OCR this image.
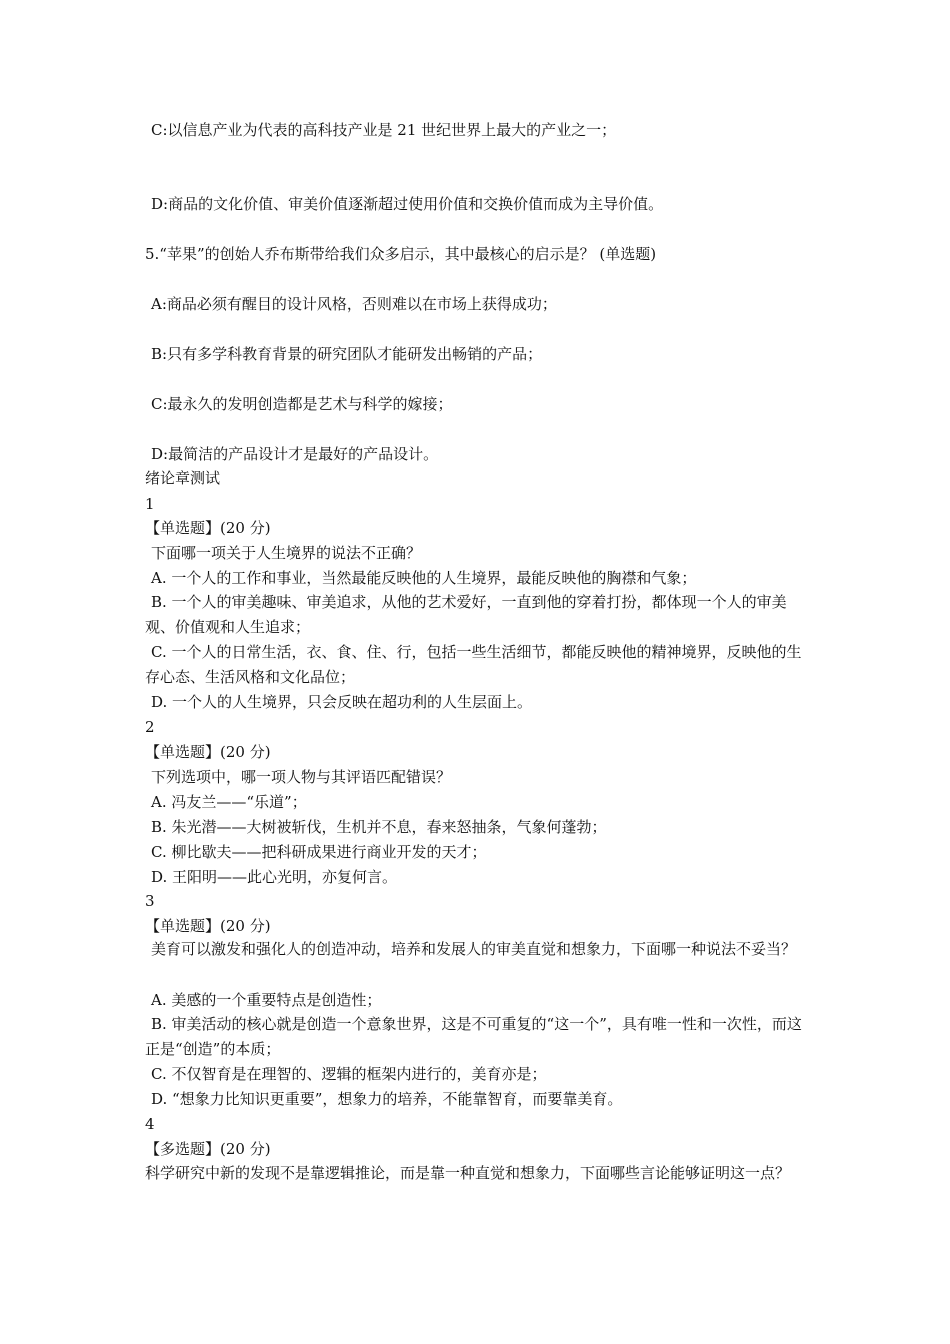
C:以信息产业为代表的高科技产业是 21 世纪世界上最大的产业之一；
D:商品的文化价值、审美价值逐渐超过使用价值和交换价值而成为主导价值。
5.“苹果”的创始人乔布斯带给我们众多启示，其中最核心的启示是？ (单选题)
A:商品必须有醒目的设计风格，否则难以在市场上获得成功；
B:只有多学科教育背景的研究团队才能研发出畅销的产品；
C:最永久的发明创造都是艺术与科学的嫁接；
D:最简洁的产品设计才是最好的产品设计。
绪论章测试
1
【单选题】(20 分)
下面哪一项关于人生境界的说法不正确？
A. 一个人的工作和事业，当然最能反映他的人生境界，最能反映他的胸襟和气象；
B. 一个人的审美趣味、审美追求，从他的艺术爱好，一直到他的穿着打扮，都体现一个人的审美观、价值观和人生追求；
C. 一个人的日常生活，衣、食、住、行，包括一些生活细节，都能反映他的精神境界，反映他的生存心态、生活风格和文化品位；
D. 一个人的人生境界，只会反映在超功利的人生层面上。
2
【单选题】(20 分)
下列选项中，哪一项人物与其评语匹配错误？
A. 冯友兰——“乐道”；
B. 朱光潜——大树被斩伐，生机并不息，春来怒抽条，气象何蓬勃；
C. 柳比歇夫——把科研成果进行商业开发的天才；
D. 王阳明——此心光明，亦复何言。
3
【单选题】(20 分)
美育可以激发和强化人的创造冲动，培养和发展人的审美直觉和想象力，下面哪一种说法不妥当？
A. 美感的一个重要特点是创造性；
B. 审美活动的核心就是创造一个意象世界，这是不可重复的“这一个”，具有唯一性和一次性，而这正是“创造”的本质；
C. 不仅智育是在理智的、逻辑的框架内进行的，美育亦是；
D. “想象力比知识更重要”，想象力的培养，不能靠智育，而要靠美育。
4
【多选题】(20 分)
科学研究中新的发现不是靠逻辑推论，而是靠一种直觉和想象力，下面哪些言论能够证明这一点？
